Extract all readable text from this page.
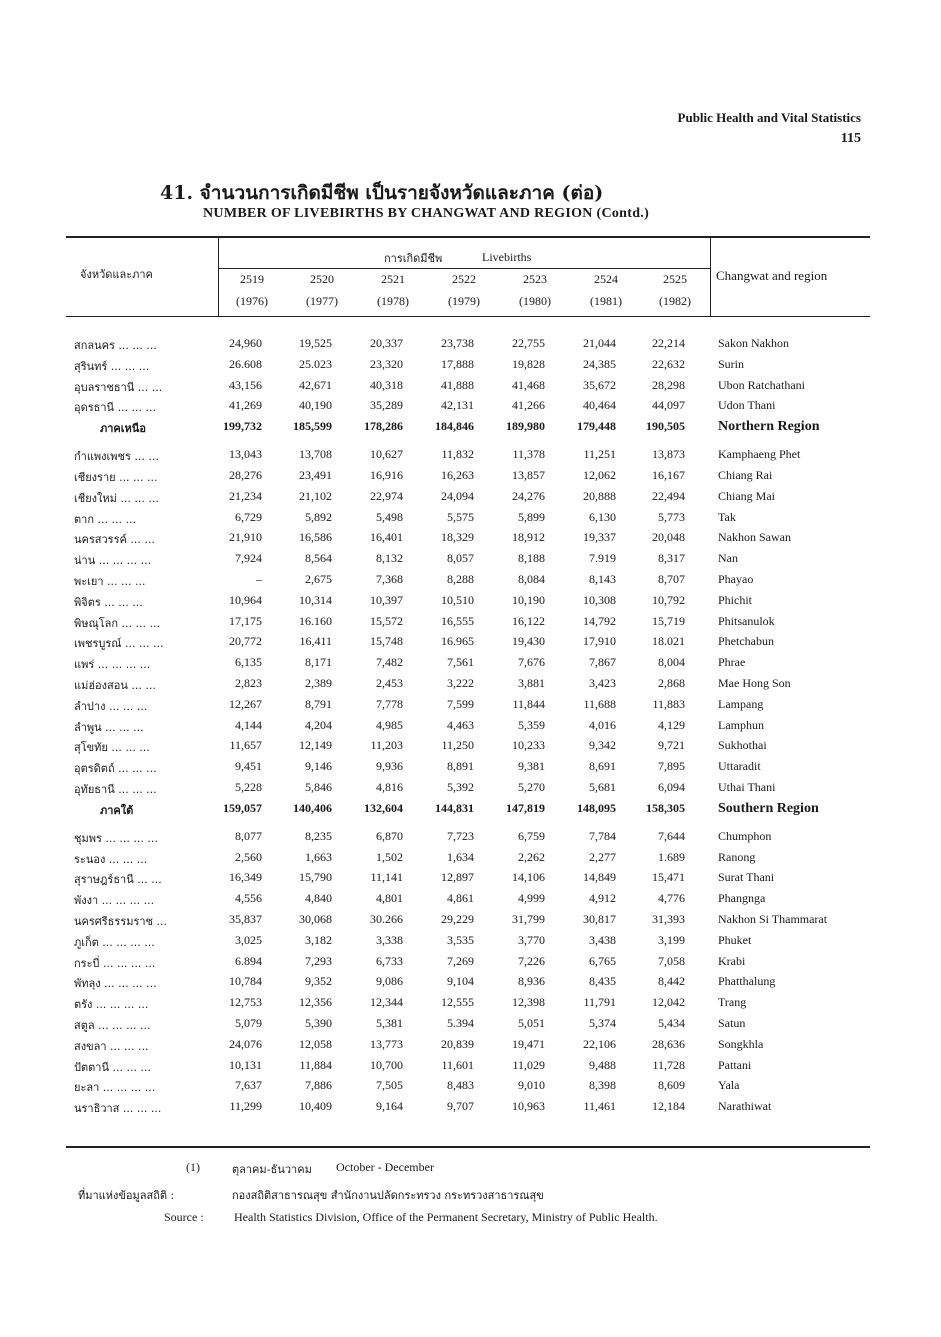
Public Health and Vital Statistics
115
41. จำนวนการเกิดมีชีพ เป็นรายจังหวัดและภาค (ต่อ)
NUMBER OF LIVEBIRTHS BY CHANGWAT AND REGION (Contd.)
จังหวัดและภาค
การเกิดมีชีพ	Livebirths
Changwat and region
2519
(1976)
2520
(1977)
2521
(1978)
2522
(1979)
2523
(1980)
2524
(1981)
2525
(1982)
สกลนคร ... ... ...	24,960	19,525	20,337	23,738	22,755	21,044	22,214	Sakon Nakhon
สุรินทร์ ... ... ...	26.608	25.023	23,320	17,888	19,828	24,385	22,632	Surin
อุบลราชธานี ... ...	43,156	42,671	40,318	41,888	41,468	35,672	28,298	Ubon Ratchathani
อุดรธานี ... ... ...	41,269	40,190	35,289	42,131	41,266	40,464	44,097	Udon Thani
ภาคเหนือ	199,732	185,599	178,286	184,846	189,980	179,448	190,505 Northern Region
กำแพงเพชร ... ...	13,043	13,708	10,627	11,832	11,378	11,251	13,873	Kamphaeng Phet
เชียงราย ... ... ...	28,276	23,491	16,916	16,263	13,857	12,062	16,167	Chiang Rai
เชียงใหม่ ... ... ...	21,234	21,102	22,974	24,094	24,276	20,888	22,494	Chiang Mai
ตาก ... ... ...	6,729	5,892	5,498	5,575	5,899	6,130	5,773	Tak
นครสวรรค์ ... ...	21,910	16,586	16,401	18,329	18,912	19,337	20,048	Nakhon Sawan
น่าน ... ... ... ...	7,924	8,564	8,132	8,057	8,188	7.919	8,317	Nan
พะเยา ... ... ...	–	2,675	7,368	8,288	8,084	8,143	8,707	Phayao
พิจิตร ... ... ...	10,964	10,314	10,397	10,510	10,190	10,308	10,792	Phichit
พิษณุโลก ... ... ...	17,175	16.160	15,572	16,555	16,122	14,792	15,719	Phitsanulok
เพชรบูรณ์ ... ... ...	20,772	16,411	15,748	16.965	19,430	17,910	18.021	Phetchabun
แพร่ ... ... ... ...	6,135	8,171	7,482	7,561	7,676	7,867	8,004	Phrae
แม่ฮ่องสอน ... ...	2,823	2,389	2,453	3,222	3,881	3,423	2,868	Mae Hong Son
ลำปาง ... ... ...	12,267	8,791	7,778	7,599	11,844	11,688	11,883	Lampang
ลำพูน ... ... ...	4,144	4,204	4,985	4,463	5,359	4,016	4,129	Lamphun
สุโขทัย ... ... ...	11,657	12,149	11,203	11,250	10,233	9,342	9,721	Sukhothai
อุตรดิตถ์ ... ... ...	9,451	9,146	9,936	8,891	9,381	8,691	7,895	Uttaradit
อุทัยธานี ... ... ...	5,228	5,846	4,816	5,392	5,270	5,681	6,094	Uthai Thani
ภาคใต้	159,057	140,406	132,604	144,831	147,819	148,095	158,305 Southern Region
ชุมพร ... ... ... ...	8,077	8,235	6,870	7,723	6,759	7,784	7,644	Chumphon
ระนอง ... ... ...	2,560	1,663	1,502	1,634	2,262	2,277	1.689	Ranong
สุราษฎร์ธานี ... ...	16,349	15,790	11,141	12,897	14,106	14,849	15,471	Surat Thani
พังงา ... ... ... ...	4,556	4,840	4,801	4,861	4,999	4,912	4,776	Phangnga
นครศรีธรรมราช ...	35,837	30,068	30.266	29,229	31,799	30,817	31,393	Nakhon Si Thammarat
ภูเก็ต ... ... ... ...	3,025	3,182	3,338	3,535	3,770	3,438	3,199	Phuket
กระบี่ ... ... ... ...	6.894	7,293	6,733	7,269	7,226	6,765	7,058	Krabi
พัทลุง ... ... ... ...	10,784	9,352	9,086	9,104	8,936	8,435	8,442	Phatthalung
ตรัง ... ... ... ...	12,753	12,356	12,344	12,555	12,398	11,791	12,042	Trang
สตูล ... ... ... ...	5,079	5,390	5,381	5.394	5,051	5,374	5,434	Satun
สงขลา ... ... ...	24,076	12,058	13,773	20,839	19,471	22,106	28,636	Songkhla
ปัตตานี ... ... ...	10,131	11,884	10,700	11,601	11,029	9,488	11,728	Pattani
ยะลา ... ... ... ...	7,637	7,886	7,505	8,483	9,010	8,398	8,609	Yala
นราธิวาส ... ... ...	11,299	10,409	9,164	9,707	10,963	11,461	12,184	Narathiwat
(1)	ตุลาคม-ธันวาคม October - December
ที่มาแห่งข้อมูลสถิติ :	กองสถิติสาธารณสุข สำนักงานปลัดกระทรวง กระทรวงสาธารณสุข
Source :	Health Statistics Division, Office of the Permanent Secretary, Ministry of Public Health.
